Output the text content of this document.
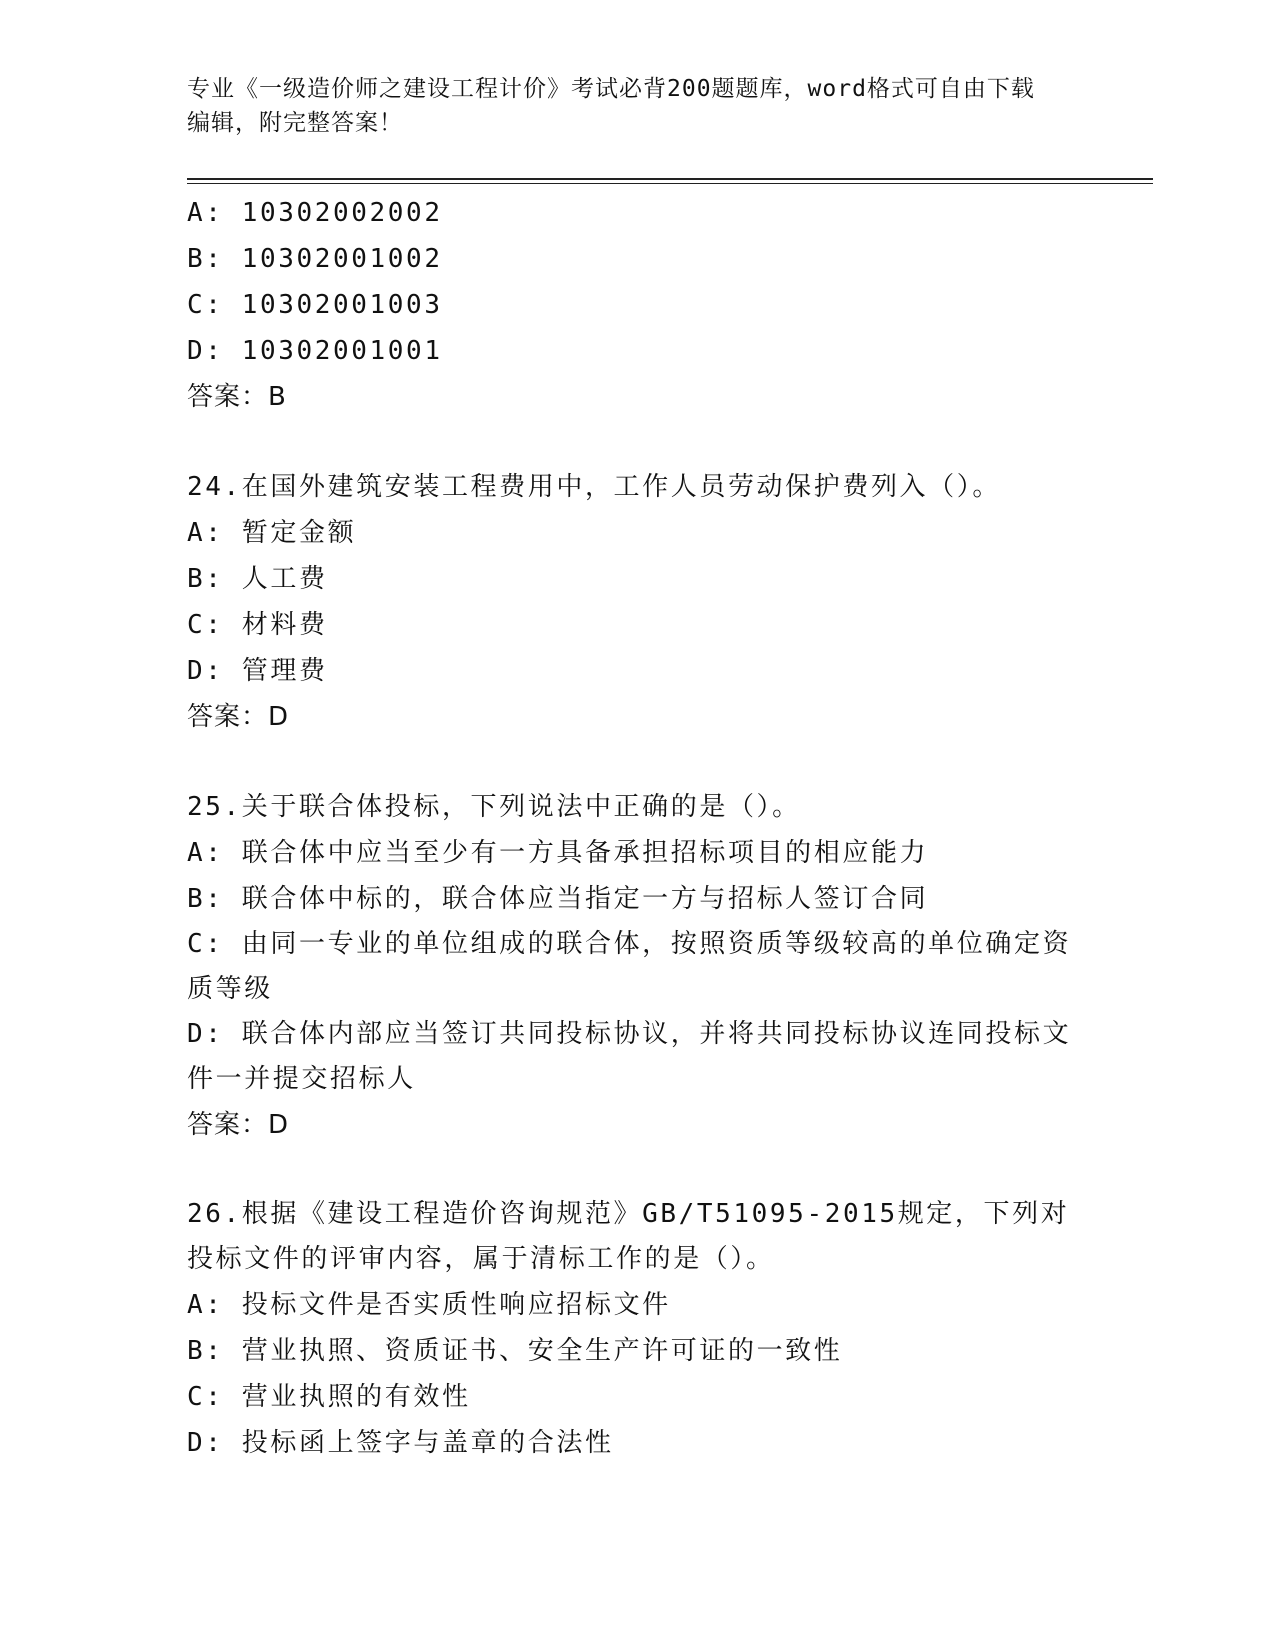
专业《一级造价师之建设工程计价》考试必背200题题库，word格式可自由下载
编辑，附完整答案！
A: 10302002002
B: 10302001002
C: 10302001003
D: 10302001001
答案：B
24.在国外建筑安装工程费用中，工作人员劳动保护费列入（）。
A: 暂定金额
B: 人工费
C: 材料费
D: 管理费
答案：D
25.关于联合体投标，下列说法中正确的是（）。
A: 联合体中应当至少有一方具备承担招标项目的相应能力
B: 联合体中标的，联合体应当指定一方与招标人签订合同
C: 由同一专业的单位组成的联合体，按照资质等级较高的单位确定资质等级
D: 联合体内部应当签订共同投标协议，并将共同投标协议连同投标文件一并提交招标人
答案：D
26.根据《建设工程造价咨询规范》GB/T51095-2015规定，下列对投标文件的评审内容，属于清标工作的是（）。
A: 投标文件是否实质性响应招标文件
B: 营业执照、资质证书、安全生产许可证的一致性
C: 营业执照的有效性
D: 投标函上签字与盖章的合法性
